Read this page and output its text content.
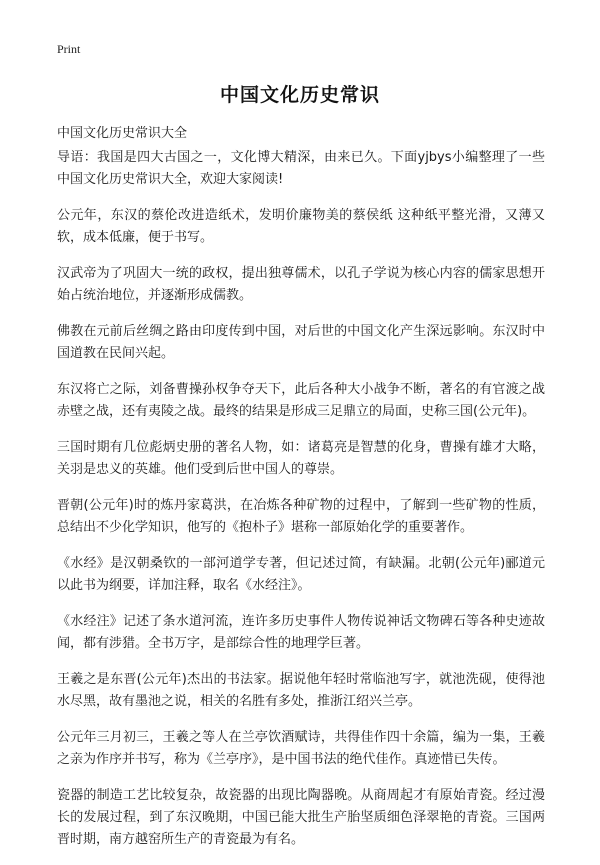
Print
中国文化历史常识
中国文化历史常识大全

导语：我国是四大古国之一，文化博大精深，由来已久。下面yjbys小编整理了一些中国文化历史常识大全，欢迎大家阅读!

公元年，东汉的蔡伦改进造纸术，发明价廉物美的蔡侯纸 这种纸平整光滑，又薄又软，成本低廉，便于书写。

汉武帝为了巩固大一统的政权，提出独尊儒术，以孔子学说为核心内容的儒家思想开始占统治地位，并逐渐形成儒教。

佛教在元前后丝绸之路由印度传到中国，对后世的中国文化产生深远影响。东汉时中国道教在民间兴起。

东汉将亡之际，刘备曹操孙权争夺天下，此后各种大小战争不断，著名的有官渡之战赤壁之战，还有夷陵之战。最终的结果是形成三足鼎立的局面，史称三国(公元年)。

三国时期有几位彪炳史册的著名人物，如：诸葛亮是智慧的化身，曹操有雄才大略，关羽是忠义的英雄。他们受到后世中国人的尊崇。

晋朝(公元年)时的炼丹家葛洪，在冶炼各种矿物的过程中，了解到一些矿物的性质，总结出不少化学知识，他写的《抱朴子》堪称一部原始化学的重要著作。

《水经》是汉朝桑钦的一部河道学专著，但记述过简，有缺漏。北朝(公元年)郦道元以此书为纲要，详加注释，取名《水经注》。

《水经注》记述了条水道河流，连许多历史事件人物传说神话文物碑石等各种史迹故闻，都有涉猎。全书万字，是部综合性的地理学巨著。

王羲之是东晋(公元年)杰出的书法家。据说他年轻时常临池写字，就池洗砚，使得池水尽黑，故有墨池之说，相关的名胜有多处，推浙江绍兴兰亭。

公元年三月初三，王羲之等人在兰亭饮酒赋诗，共得佳作四十余篇，编为一集，王羲之亲为作序并书写，称为《兰亭序》，是中国书法的绝代佳作。真迹惜已失传。

瓷器的制造工艺比较复杂，故瓷器的出现比陶器晚。从商周起才有原始青瓷。经过漫长的发展过程，到了东汉晚期，中国已能大批生产胎坚质细色泽翠艳的青瓷。三国两晋时期，南方越窑所生产的青瓷最为有名。
